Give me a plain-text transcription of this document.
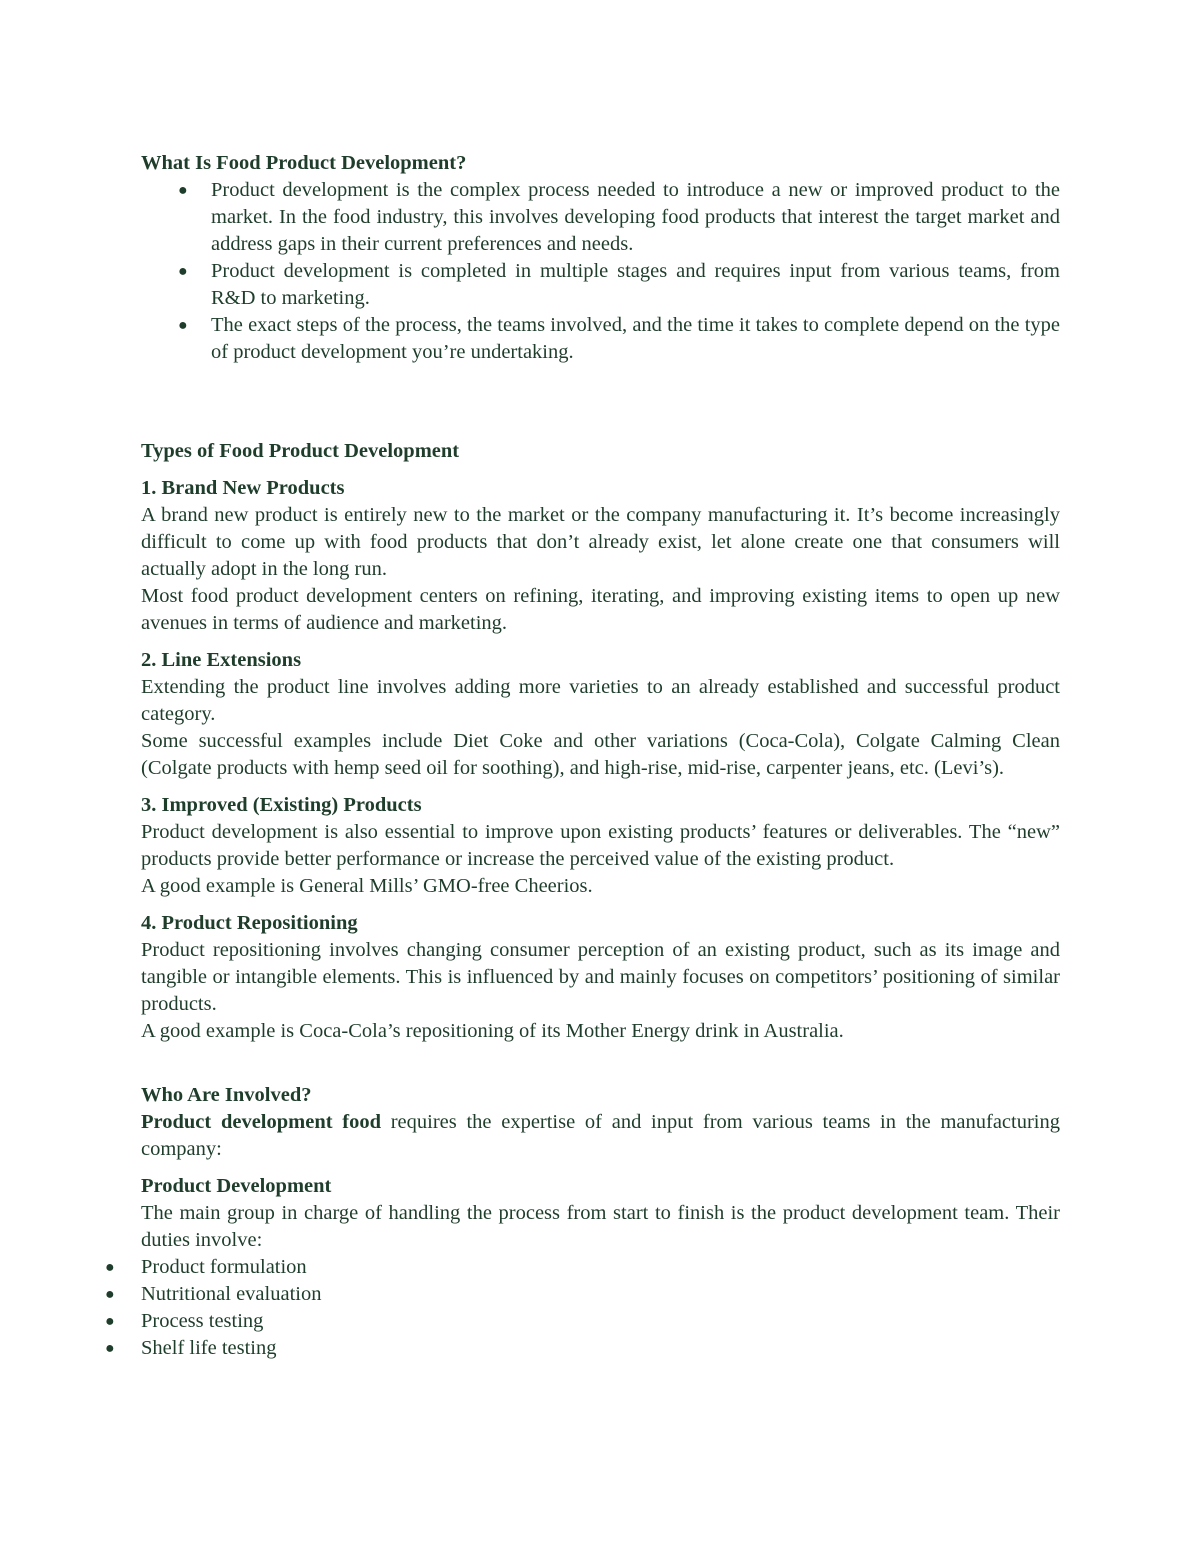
What Is Food Product Development?
● Product development is the complex process needed to introduce a new or improved product to the market. In the food industry, this involves developing food products that interest the target market and address gaps in their current preferences and needs.
● Product development is completed in multiple stages and requires input from various teams, from R&D to marketing.
● The exact steps of the process, the teams involved, and the time it takes to complete depend on the type of product development you’re undertaking.
Types of Food Product Development
1. Brand New Products

A brand new product is entirely new to the market or the company manufacturing it. It’s become increasingly difficult to come up with food products that don’t already exist, let alone create one that consumers will actually adopt in the long run.

Most food product development centers on refining, iterating, and improving existing items to open up new avenues in terms of audience and marketing.

2. Line Extensions

Extending the product line involves adding more varieties to an already established and successful product category.

Some successful examples include Diet Coke and other variations (Coca-Cola), Colgate Calming Clean (Colgate products with hemp seed oil for soothing), and high-rise, mid-rise, carpenter jeans, etc. (Levi’s).

3. Improved (Existing) Products

Product development is also essential to improve upon existing products’ features or deliverables. The “new” products provide better performance or increase the perceived value of the existing product.

A good example is General Mills’ GMO-free Cheerios.

4. Product Repositioning

Product repositioning involves changing consumer perception of an existing product, such as its image and tangible or intangible elements. This is influenced by and mainly focuses on competitors’ positioning of similar products.

A good example is Coca-Cola’s repositioning of its Mother Energy drink in Australia.

Who Are Involved?

Product development food requires the expertise of and input from various teams in the manufacturing company:

Product Development

The main group in charge of handling the process from start to finish is the product development team. Their duties involve:

● Product formulation
● Nutritional evaluation
● Process testing
● Shelf life testing
